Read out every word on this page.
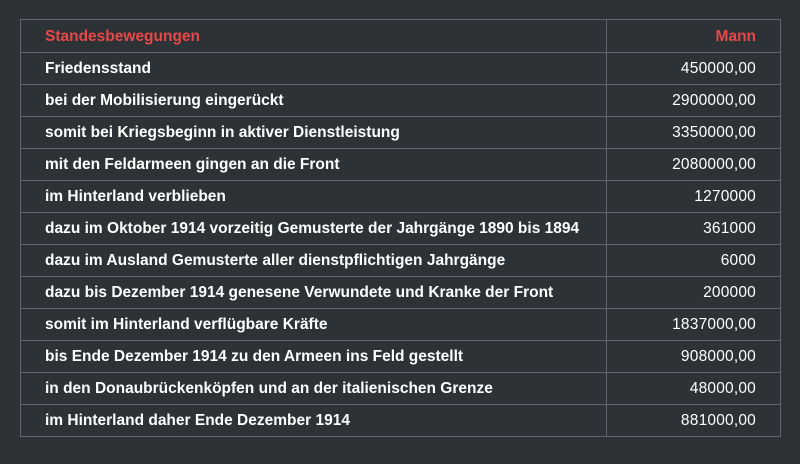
Standesbewegungen	Mann
Friedensstand	450000,00
bei der Mobilisierung eingerückt	2900000,00
somit bei Kriegsbeginn in aktiver Dienstleistung	3350000,00
mit den Feldarmeen gingen an die Front	2080000,00
im Hinterland verblieben	1270000
dazu im Oktober 1914 vorzeitig Gemusterte der Jahrgänge 1890 bis 1894	361000
dazu im Ausland Gemusterte aller dienstpflichtigen Jahrgänge	6000
dazu bis Dezember 1914 genesene Verwundete und Kranke der Front	200000
somit im Hinterland verflügbare Kräfte	1837000,00
bis Ende Dezember 1914 zu den Armeen ins Feld gestellt	908000,00
in den Donaubrückenköpfen und an der italienischen Grenze	48000,00
im Hinterland daher Ende Dezember 1914	881000,00
